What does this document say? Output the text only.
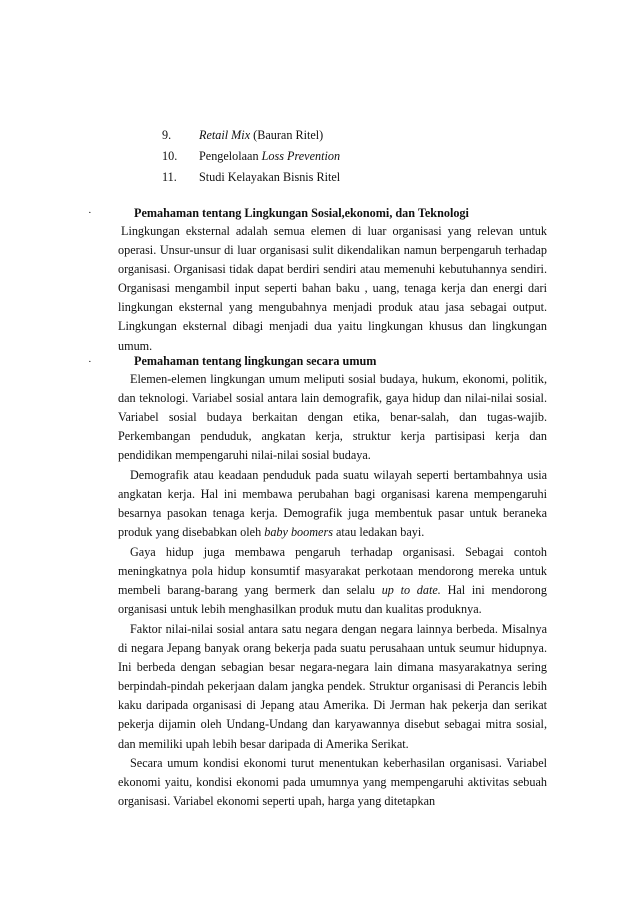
9.	Retail Mix (Bauran Ritel)
10.	Pengelolaan Loss Prevention
11.	Studi Kelayakan Bisnis Ritel
·	Pemahaman tentang Lingkungan Sosial,ekonomi, dan Teknologi

Lingkungan eksternal adalah semua elemen di luar organisasi yang relevan untuk operasi. Unsur-unsur di luar organisasi sulit dikendalikan namun berpengaruh terhadap organisasi. Organisasi tidak dapat berdiri sendiri atau memenuhi kebutuhannya sendiri. Organisasi mengambil input seperti bahan baku , uang, tenaga kerja dan energi dari lingkungan eksternal yang mengubahnya menjadi produk atau jasa sebagai output. Lingkungan eksternal dibagi menjadi dua yaitu lingkungan khusus dan lingkungan umum.

·	Pemahaman tentang lingkungan secara umum

Elemen-elemen lingkungan umum meliputi sosial budaya, hukum, ekonomi, politik, dan teknologi. Variabel sosial antara lain demografik, gaya hidup dan nilai-nilai sosial. Variabel sosial budaya berkaitan dengan etika, benar-salah, dan tugas-wajib. Perkembangan penduduk, angkatan kerja, struktur kerja partisipasi kerja dan pendidikan mempengaruhi nilai-nilai sosial budaya.

Demografik atau keadaan penduduk pada suatu wilayah seperti bertambahnya usia angkatan kerja. Hal ini membawa perubahan bagi organisasi karena mempengaruhi besarnya pasokan tenaga kerja. Demografik juga membentuk pasar untuk beraneka produk yang disebabkan oleh baby boomers atau ledakan bayi.

Gaya hidup juga membawa pengaruh terhadap organisasi. Sebagai contoh meningkatnya pola hidup konsumtif masyarakat perkotaan mendorong mereka untuk membeli barang-barang yang bermerk dan selalu up to date. Hal ini mendorong organisasi untuk lebih menghasilkan produk mutu dan kualitas produknya.

Faktor nilai-nilai sosial antara satu negara dengan negara lainnya berbeda. Misalnya di negara Jepang banyak orang bekerja pada suatu perusahaan untuk seumur hidupnya. Ini berbeda dengan sebagian besar negara-negara lain dimana masyarakatnya sering berpindah-pindah pekerjaan dalam jangka pendek. Struktur organisasi di Perancis lebih kaku daripada organisasi di Jepang atau Amerika. Di Jerman hak pekerja dan serikat pekerja dijamin oleh Undang-Undang dan karyawannya disebut sebagai mitra sosial, dan memiliki upah lebih besar daripada di Amerika Serikat.

Secara umum kondisi ekonomi turut menentukan keberhasilan organisasi. Variabel ekonomi yaitu, kondisi ekonomi pada umumnya yang mempengaruhi aktivitas sebuah organisasi. Variabel ekonomi seperti upah, harga yang ditetapkan
